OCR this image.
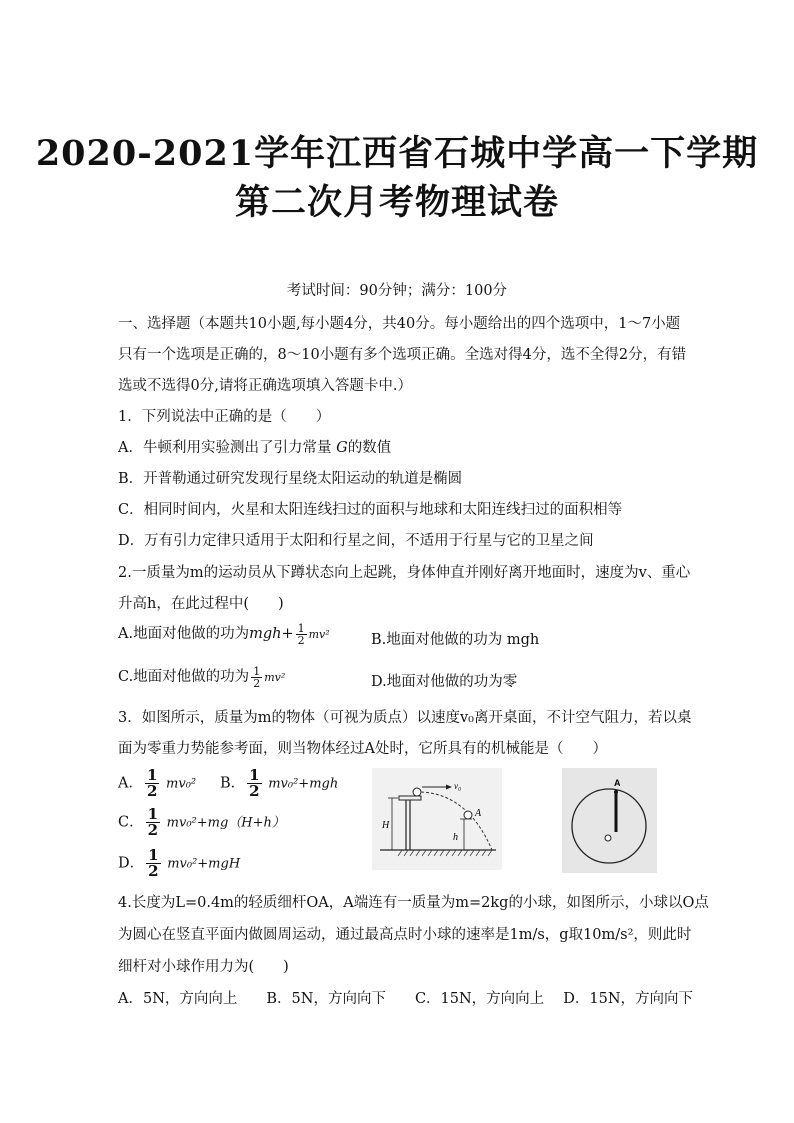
2020-2021学年江西省石城中学高一下学期
第二次月考物理试卷
考试时间：90分钟；满分：100分
一、选择题（本题共10小题,每小题4分，共40分。每小题给出的四个选项中，1～7小题
只有一个选项是正确的，8～10小题有多个选项正确。全选对得4分，选不全得2分，有错
选或不选得0分,请将正确选项填入答题卡中.）
1．下列说法中正确的是（　　）
A．牛顿利用实验测出了引力常量 G的数值
B．开普勒通过研究发现行星绕太阳运动的轨道是椭圆
C．相同时间内，火星和太阳连线扫过的面积与地球和太阳连线扫过的面积相等
D．万有引力定律只适用于太阳和行星之间，不适用于行星与它的卫星之间
2.一质量为m的运动员从下蹲状态向上起跳，身体伸直并刚好离开地面时，速度为v、重心
升高h，在此过程中(　　)
A.地面对他做的功为$mgh+ \frac{1}{2} mv^2$	B.地面对他做的功为 mgh
C.地面对他做的功为 $\frac{1}{2} mv^2$	D.地面对他做的功为零
3．如图所示，质量为m的物体（可视为质点）以速度v₀离开桌面，不计空气阻力，若以桌
面为零重力势能参考面，则当物体经过A处时，它所具有的机械能是（　　）
A． $\frac{1}{2} mv_0^2$ B． $\frac{1}{2} mv_0^2+mgh$
C． $\frac{1}{2} mv_0^2+mg(H+h)$
D． $\frac{1}{2} mv_0^2+mgH$
v₀
A
H
h
A
4.长度为L=0.4m的轻质细杆OA，A端连有一质量为m=2kg的小球，如图所示，小球以O点
为圆心在竖直平面内做圆周运动，通过最高点时小球的速率是1m/s，g取10m/s²，则此时
细杆对小球作用力为(　　)
A．5N，方向向上　　B．5N，方向向下　　C．15N，方向向上　 D．15N，方向向下
